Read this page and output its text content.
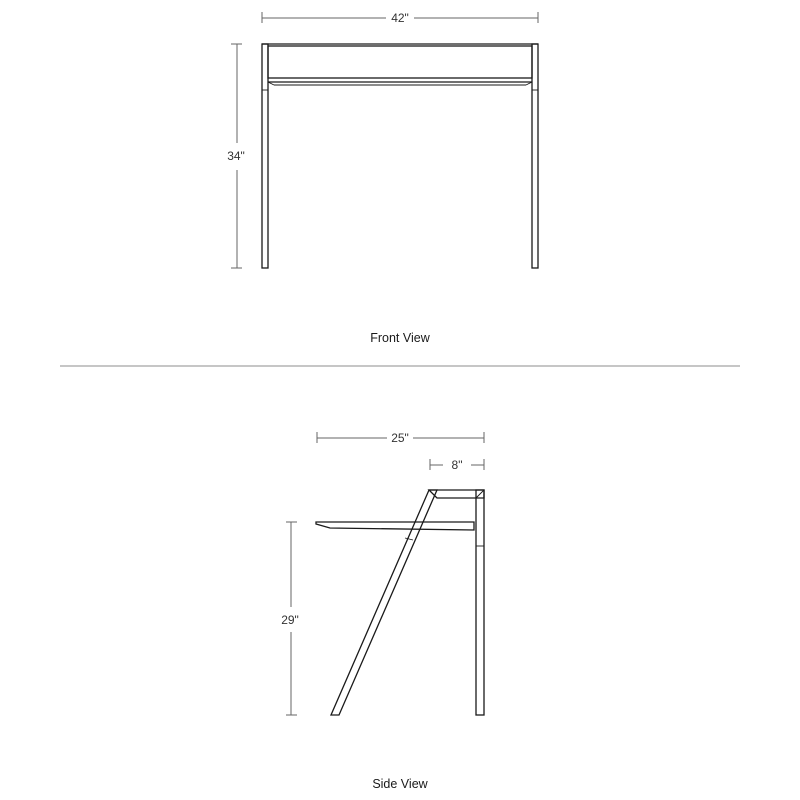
42"
34"
Front View
25"
8"
29"
Side View
